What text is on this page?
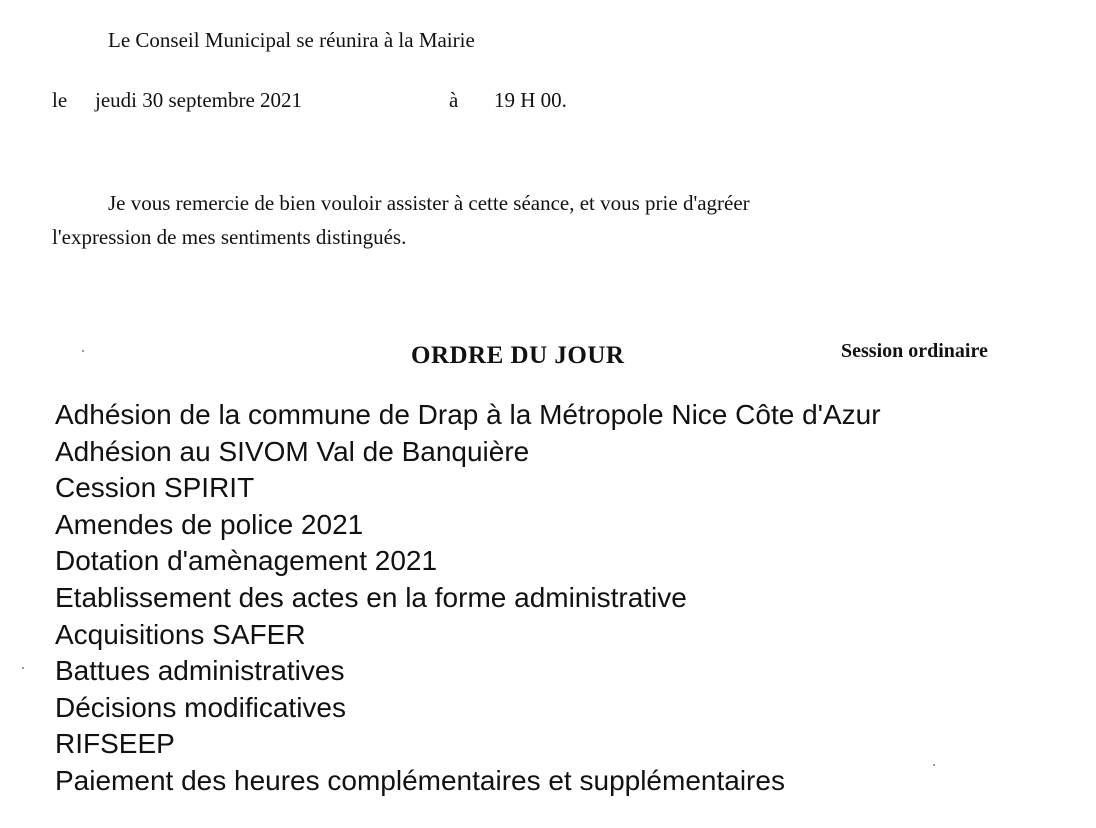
Le Conseil Municipal se réunira à la Mairie
le jeudi 30 septembre 2021	à 19 H 00.
Je vous remercie de bien vouloir assister à cette séance, et vous prie d'agréer
l'expression de mes sentiments distingués.
ORDRE DU JOUR	Session ordinaire
Adhésion de la commune de Drap à la Métropole Nice Côte d'Azur
Adhésion au SIVOM Val de Banquière
Cession SPIRIT
Amendes de police 2021
Dotation d'amènagement 2021
Etablissement des actes en la forme administrative
Acquisitions SAFER
Battues administratives
Décisions modificatives
RIFSEEP
Paiement des heures complémentaires et supplémentaires
